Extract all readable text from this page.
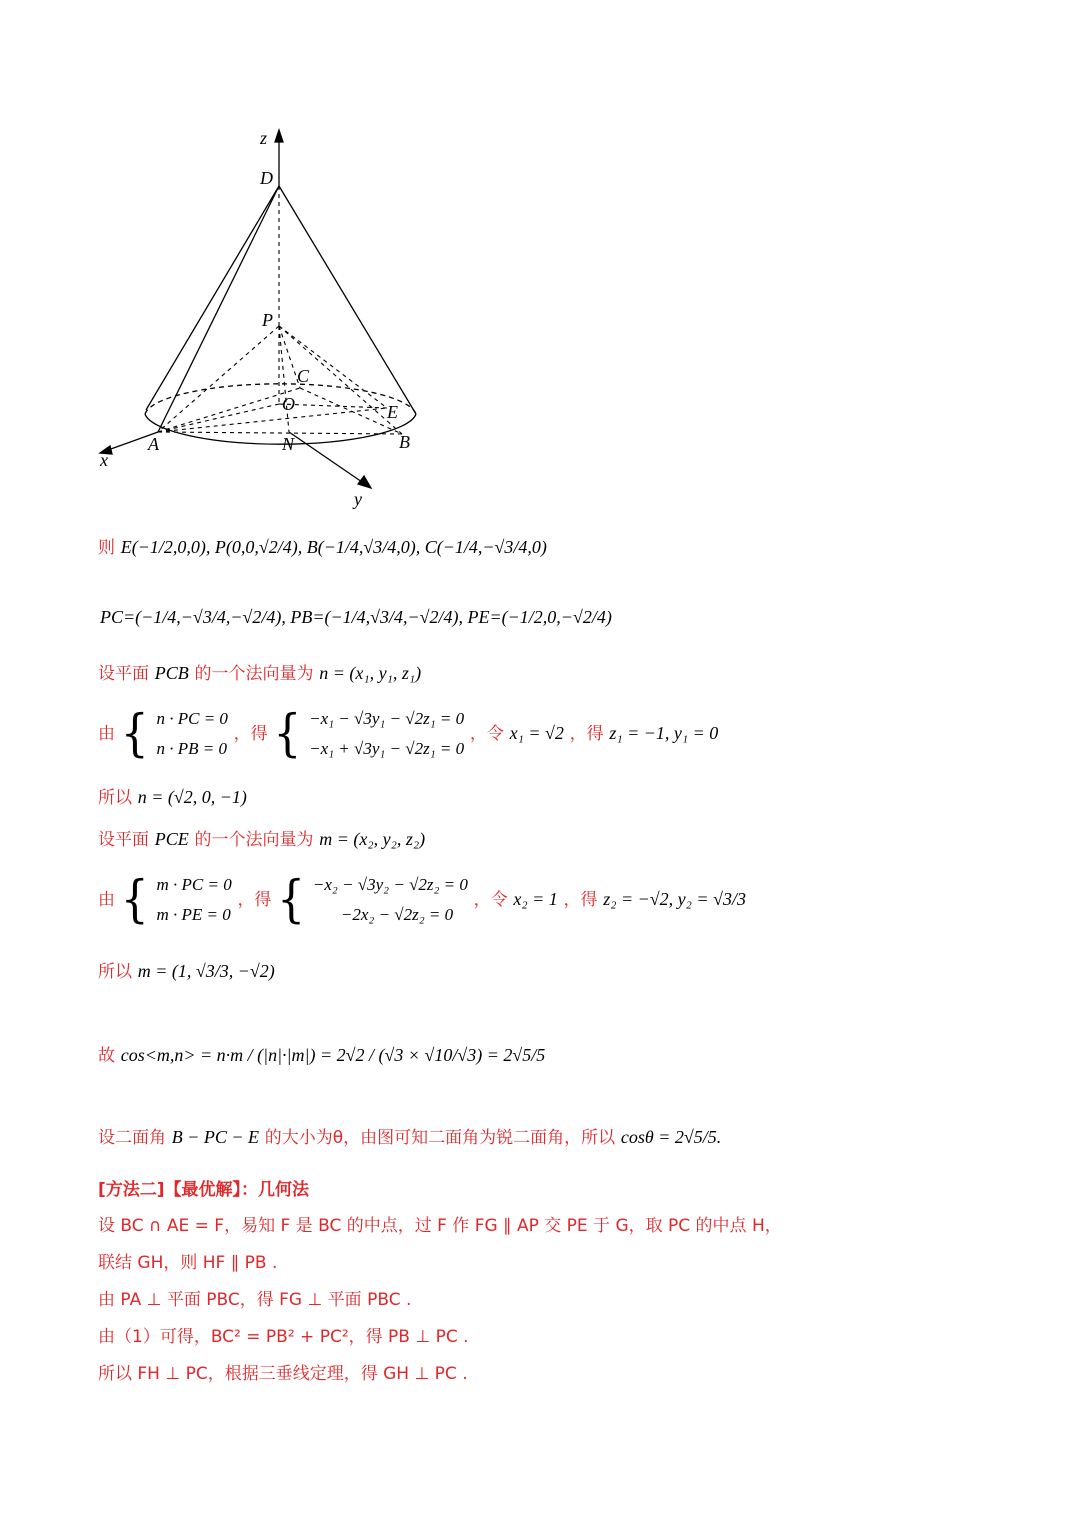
z
D
P
C
O	E
A	N	B
x
y
则 E(−1/2,0,0), P(0,0,√2/4), B(−1/4,√3/4,0), C(−1/4,−√3/4,0)
PC=(−1/4,−√3/4,−√2/4), PB=(−1/4,√3/4,−√2/4), PE=(−1/2,0,−√2/4)
设平面 PCB 的一个法向量为 n = (x₁, y₁, z₁)
由 { n · PC = 0
n · PB = 0
，得 { −x₁ − √3y₁ − √2z₁ = 0
−x₁ + √3y₁ − √2z₁ = 0
，令 x₁ = √2 ，得 z₁ = −1, y₁ = 0
所以 n = (√2, 0, −1)
设平面 PCE 的一个法向量为 m = (x₂, y₂, z₂)
由 { m · PC = 0
m · PE = 0
，得 { −x₂ − √3y₂ − √2z₂ = 0
−2x₂ − √2z₂ = 0
，令 x₂ = 1 ，得 z₂ = −√2, y₂ = √3/3
所以 m = (1, √3/3, −√2)
故 cos<m,n> = n·m / (|n|·|m|) = 2√2 / (√3 × √10/√3) = 2√5/5
设二面角 B − PC − E 的大小为θ，由图可知二面角为锐二面角，所以 cosθ = 2√5/5.
[方法二]【最优解】：几何法
设 BC ∩ AE = F，易知 F 是 BC 的中点，过 F 作 FG ∥ AP 交 PE 于 G，取 PC 的中点 H，
联结 GH，则 HF ∥ PB .
由 PA ⊥ 平面 PBC，得 FG ⊥ 平面 PBC .
由（1）可得，BC² = PB² + PC²，得 PB ⊥ PC .
所以 FH ⊥ PC，根据三垂线定理，得 GH ⊥ PC .
